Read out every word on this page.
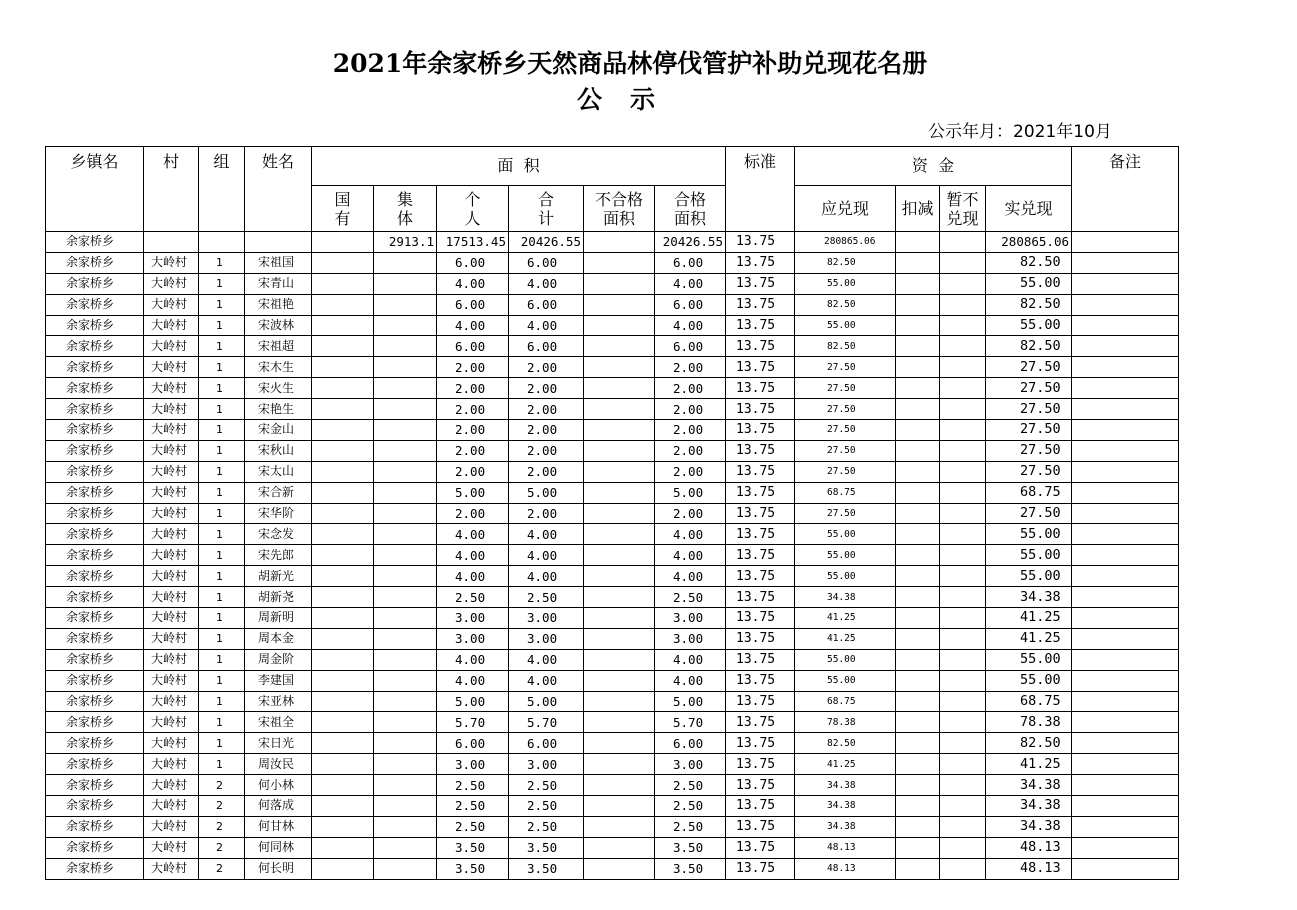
2021年余家桥乡天然商品林停伐管护补助兑现花名册
公示
公示年月：2021年10月
乡镇名	村	组	姓名	面  积						标准	资  金				备注

				国有	集体	个人	合计	不合格面积	合格面积		应兑现	扣减	暂不兑现	实兑现	
余家桥乡					2913.1	17513.45	20426.55		20426.55	13.75	280865.06			280865.06	
余家桥乡	大岭村	1	宋祖国			6.00	6.00		6.00	13.75	82.50			82.50	
余家桥乡	大岭村	1	宋青山			4.00	4.00		4.00	13.75	55.00			55.00	
余家桥乡	大岭村	1	宋祖艳			6.00	6.00		6.00	13.75	82.50			82.50	
余家桥乡	大岭村	1	宋波林			4.00	4.00		4.00	13.75	55.00			55.00	
余家桥乡	大岭村	1	宋祖超			6.00	6.00		6.00	13.75	82.50			82.50	
余家桥乡	大岭村	1	宋木生			2.00	2.00		2.00	13.75	27.50			27.50	
余家桥乡	大岭村	1	宋火生			2.00	2.00		2.00	13.75	27.50			27.50	
余家桥乡	大岭村	1	宋艳生			2.00	2.00		2.00	13.75	27.50			27.50	
余家桥乡	大岭村	1	宋金山			2.00	2.00		2.00	13.75	27.50			27.50	
余家桥乡	大岭村	1	宋秋山			2.00	2.00		2.00	13.75	27.50			27.50	
余家桥乡	大岭村	1	宋太山			2.00	2.00		2.00	13.75	27.50			27.50	
余家桥乡	大岭村	1	宋合新			5.00	5.00		5.00	13.75	68.75			68.75	
余家桥乡	大岭村	1	宋华阶			2.00	2.00		2.00	13.75	27.50			27.50	
余家桥乡	大岭村	1	宋念发			4.00	4.00		4.00	13.75	55.00			55.00	
余家桥乡	大岭村	1	宋先郎			4.00	4.00		4.00	13.75	55.00			55.00	
余家桥乡	大岭村	1	胡新光			4.00	4.00		4.00	13.75	55.00			55.00	
余家桥乡	大岭村	1	胡新尧			2.50	2.50		2.50	13.75	34.38			34.38	
余家桥乡	大岭村	1	周新明			3.00	3.00		3.00	13.75	41.25			41.25	
余家桥乡	大岭村	1	周本金			3.00	3.00		3.00	13.75	41.25			41.25	
余家桥乡	大岭村	1	周金阶			4.00	4.00		4.00	13.75	55.00			55.00	
余家桥乡	大岭村	1	李建国			4.00	4.00		4.00	13.75	55.00			55.00	
余家桥乡	大岭村	1	宋亚林			5.00	5.00		5.00	13.75	68.75			68.75	
余家桥乡	大岭村	1	宋祖全			5.70	5.70		5.70	13.75	78.38			78.38	
余家桥乡	大岭村	1	宋日光			6.00	6.00		6.00	13.75	82.50			82.50	
余家桥乡	大岭村	1	周汝民			3.00	3.00		3.00	13.75	41.25			41.25	
余家桥乡	大岭村	2	何小林			2.50	2.50		2.50	13.75	34.38			34.38	
余家桥乡	大岭村	2	何落成			2.50	2.50		2.50	13.75	34.38			34.38	
余家桥乡	大岭村	2	何甘林			2.50	2.50		2.50	13.75	34.38			34.38	
余家桥乡	大岭村	2	何同林			3.50	3.50		3.50	13.75	48.13			48.13	
余家桥乡	大岭村	2	何长明			3.50	3.50		3.50	13.75	48.13			48.13	
